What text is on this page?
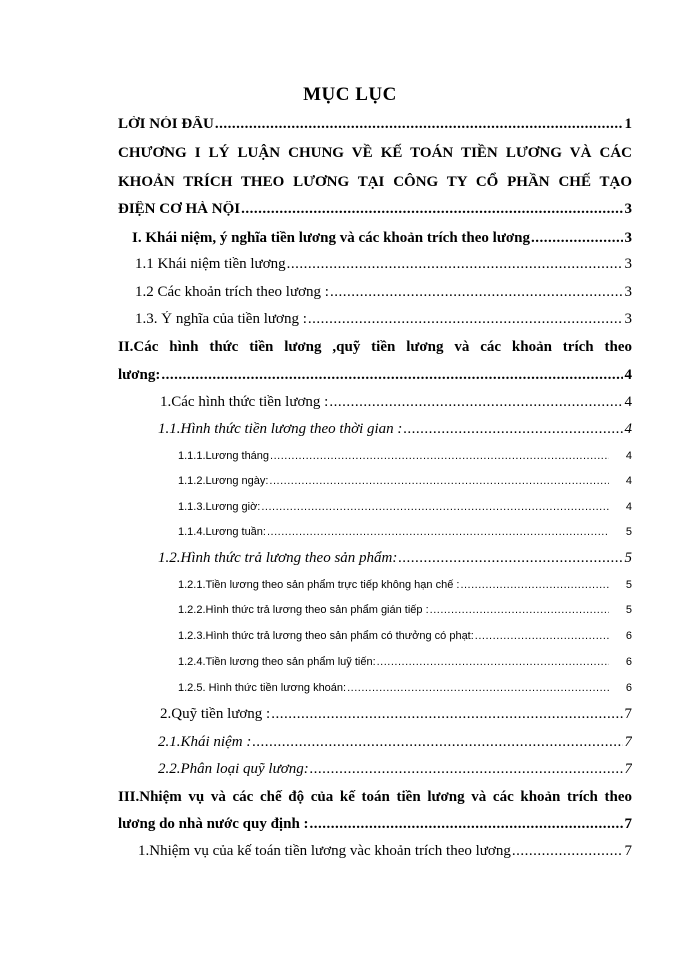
MỤC LỤC
LỜI NÓI ĐẦU .....	1
CHƯƠNG I LÝ LUẬN CHUNG VỀ KẾ TOÁN TIỀN LƯƠNG VÀ CÁC
KHOẢN TRÍCH THEO LƯƠNG TẠI CÔNG TY CỔ PHẦN CHẾ TẠO
ĐIỆN CƠ HÀ NỘI .....	3
I. Khái niệm, ý nghĩa tiền lương và các khoản trích theo lương .....	3
1.1 Khái niệm tiền lương .....	3
1.2 Các khoản trích theo lương : .....	3
1.3. Ý nghĩa của tiền lương : .....	3
II.Các hình thức tiền lương ,quỹ tiền lương và các khoản trích theo
lương: .....	4
1.Các hình thức tiền lương : .....	4
1.1.Hình thức tiền lương theo thời gian : .....	4
1.1.1.Lương tháng .....	4
1.1.2.Lương ngày: .....	4
1.1.3.Lương giờ: .....	4
1.1.4.Lương tuần: .....	5
1.2.Hình thức trả lương theo sản phẩm: .....	5
1.2.1.Tiền lương theo sản phẩm trực tiếp không hạn chế : .....	5
1.2.2.Hình thức trả lương theo sản phẩm gián tiếp : .....	5
1.2.3.Hình thức trả lương theo sản phẩm có thưởng có phạt: .....	6
1.2.4.Tiền lương theo sản phẩm luỹ tiến: .....	6
1.2.5. Hình thức tiền lương khoán: .....	6
2.Quỹ tiền lương : .....	7
2.1.Khái niệm : .....	7
2.2.Phân loại quỹ lương: .....	7
III.Nhiệm vụ và các chế độ của kế toán tiền lương và các khoản trích theo
lương do nhà nước quy định : .....	7
1.Nhiệm vụ của kế toán tiền lương vàc khoản trích theo lương .....	7
